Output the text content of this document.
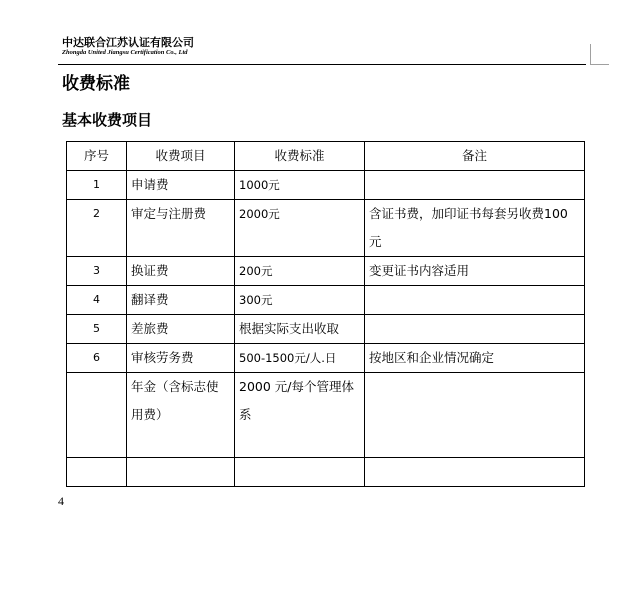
中达联合江苏认证有限公司
Zhongda United Jiangsu Certification Co., Ltd
收费标准
基本收费项目
序号	收费项目	收费标准	备注
1	申请费	1000元	
2	审定与注册费	2000元	含证书费，加印证书每套另收费100元
3	换证费	200元	变更证书内容适用
4	翻译费	300元	
5	差旅费	根据实际支出收取	
6	审核劳务费	500-1500元/人.日	按地区和企业情况确定
	年金（含标志使用费）	2000 元/每个管理体系	

4
